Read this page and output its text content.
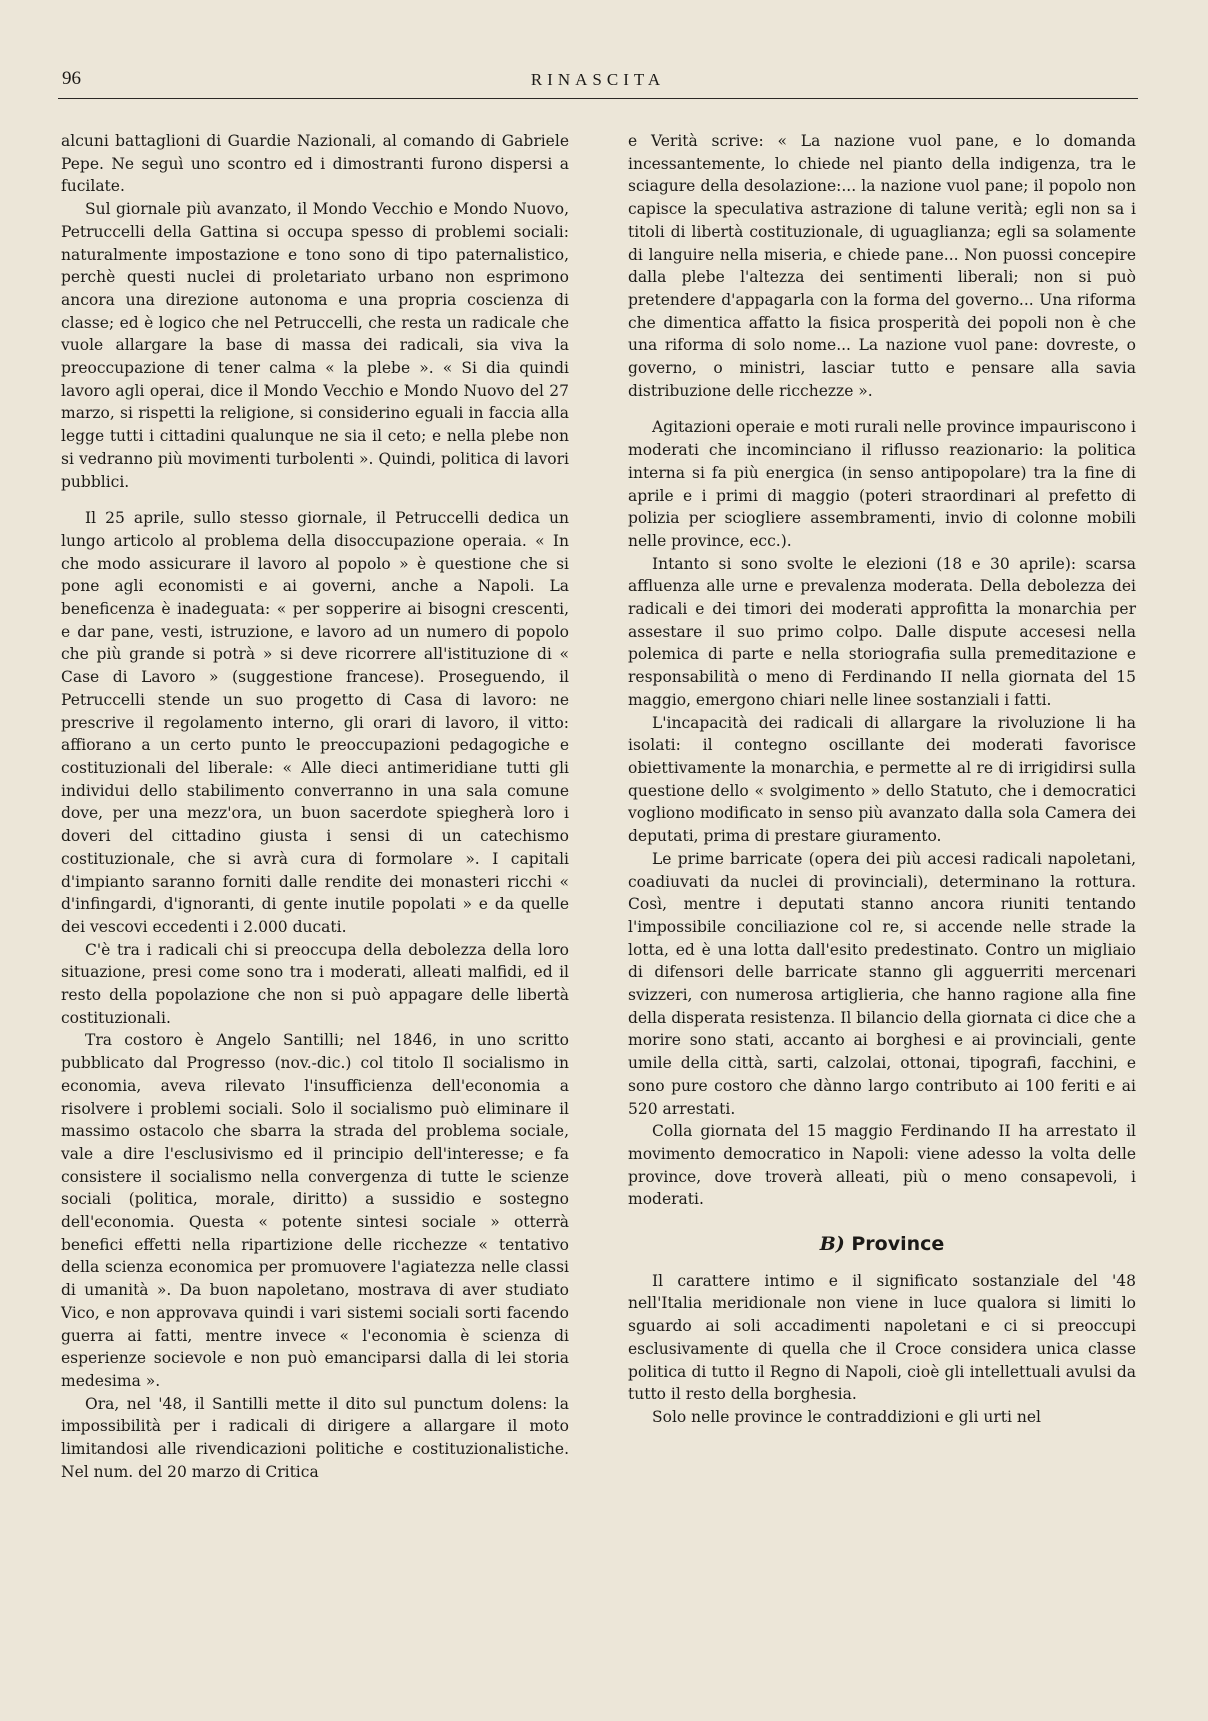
96	RINASCITA

alcuni battaglioni di Guardie Nazionali, al comando di Gabriele Pepe. Ne seguì uno scontro ed i dimostranti furono dispersi a fucilate.

Sul giornale più avanzato, il Mondo Vecchio e Mondo Nuovo, Petruccelli della Gattina si occupa spesso di problemi sociali: naturalmente impostazione e tono sono di tipo paternalistico, perchè questi nuclei di proletariato urbano non esprimono ancora una direzione autonoma e una propria coscienza di classe; ed è logico che nel Petruccelli, che resta un radicale che vuole allargare la base di massa dei radicali, sia viva la preoccupazione di tener calma « la plebe ». « Si dia quindi lavoro agli operai, dice il Mondo Vecchio e Mondo Nuovo del 27 marzo, si rispetti la religione, si considerino eguali in faccia alla legge tutti i cittadini qualunque ne sia il ceto; e nella plebe non si vedranno più movimenti turbolenti ». Quindi, politica di lavori pubblici.

Il 25 aprile, sullo stesso giornale, il Petruccelli dedica un lungo articolo al problema della disoccupazione operaia. « In che modo assicurare il lavoro al popolo » è questione che si pone agli economisti e ai governi, anche a Napoli. La beneficenza è inadeguata: « per sopperire ai bisogni crescenti, e dar pane, vesti, istruzione, e lavoro ad un numero di popolo che più grande si potrà » si deve ricorrere all'istituzione di « Case di Lavoro » (suggestione francese). Proseguendo, il Petruccelli stende un suo progetto di Casa di lavoro: ne prescrive il regolamento interno, gli orari di lavoro, il vitto: affiorano a un certo punto le preoccupazioni pedagogiche e costituzionali del liberale: « Alle dieci antimeridiane tutti gli individui dello stabilimento converranno in una sala comune dove, per una mezz'ora, un buon sacerdote spiegherà loro i doveri del cittadino giusta i sensi di un catechismo costituzionale, che si avrà cura di formolare ». I capitali d'impianto saranno forniti dalle rendite dei monasteri ricchi « d'infingardi, d'ignoranti, di gente inutile popolati » e da quelle dei vescovi eccedenti i 2.000 ducati.

C'è tra i radicali chi si preoccupa della debolezza della loro situazione, presi come sono tra i moderati, alleati malfidi, ed il resto della popolazione che non si può appagare delle libertà costituzionali.

Tra costoro è Angelo Santilli; nel 1846, in uno scritto pubblicato dal Progresso (nov.-dic.) col titolo Il socialismo in economia, aveva rilevato l'insufficienza dell'economia a risolvere i problemi sociali. Solo il socialismo può eliminare il massimo ostacolo che sbarra la strada del problema sociale, vale a dire l'esclusivismo ed il principio dell'interesse; e fa consistere il socialismo nella convergenza di tutte le scienze sociali (politica, morale, diritto) a sussidio e sostegno dell'economia. Questa « potente sintesi sociale » otterrà benefici effetti nella ripartizione delle ricchezze « tentativo della scienza economica per promuovere l'agiatezza nelle classi di umanità ». Da buon napoletano, mostrava di aver studiato Vico, e non approvava quindi i vari sistemi sociali sorti facendo guerra ai fatti, mentre invece « l'economia è scienza di esperienze socievole e non può emanciparsi dalla di lei storia medesima ».

Ora, nel '48, il Santilli mette il dito sul punctum dolens: la impossibilità per i radicali di dirigere a allargare il moto limitandosi alle rivendicazioni politiche e costituzionalistiche. Nel num. del 20 marzo di Critica

e Verità scrive: « La nazione vuol pane, e lo domanda incessantemente, lo chiede nel pianto della indigenza, tra le sciagure della desolazione:... la nazione vuol pane; il popolo non capisce la speculativa astrazione di talune verità; egli non sa i titoli di libertà costituzionale, di uguaglianza; egli sa solamente di languire nella miseria, e chiede pane... Non puossi concepire dalla plebe l'altezza dei sentimenti liberali; non si può pretendere d'appagarla con la forma del governo... Una riforma che dimentica affatto la fisica prosperità dei popoli non è che una riforma di solo nome... La nazione vuol pane: dovreste, o governo, o ministri, lasciar tutto e pensare alla savia distribuzione delle ricchezze ».

Agitazioni operaie e moti rurali nelle province impauriscono i moderati che incominciano il riflusso reazionario: la politica interna si fa più energica (in senso antipopolare) tra la fine di aprile e i primi di maggio (poteri straordinari al prefetto di polizia per sciogliere assembramenti, invio di colonne mobili nelle province, ecc.).

Intanto si sono svolte le elezioni (18 e 30 aprile): scarsa affluenza alle urne e prevalenza moderata. Della debolezza dei radicali e dei timori dei moderati approfitta la monarchia per assestare il suo primo colpo. Dalle dispute accesesi nella polemica di parte e nella storiografia sulla premeditazione e responsabilità o meno di Ferdinando II nella giornata del 15 maggio, emergono chiari nelle linee sostanziali i fatti.

L'incapacità dei radicali di allargare la rivoluzione li ha isolati: il contegno oscillante dei moderati favorisce obiettivamente la monarchia, e permette al re di irrigidirsi sulla questione dello « svolgimento » dello Statuto, che i democratici vogliono modificato in senso più avanzato dalla sola Camera dei deputati, prima di prestare giuramento.

Le prime barricate (opera dei più accesi radicali napoletani, coadiuvati da nuclei di provinciali), determinano la rottura. Così, mentre i deputati stanno ancora riuniti tentando l'impossibile conciliazione col re, si accende nelle strade la lotta, ed è una lotta dall'esito predestinato. Contro un migliaio di difensori delle barricate stanno gli agguerriti mercenari svizzeri, con numerosa artiglieria, che hanno ragione alla fine della disperata resistenza. Il bilancio della giornata ci dice che a morire sono stati, accanto ai borghesi e ai provinciali, gente umile della città, sarti, calzolai, ottonai, tipografi, facchini, e sono pure costoro che dànno largo contributo ai 100 feriti e ai 520 arrestati.

Colla giornata del 15 maggio Ferdinando II ha arrestato il movimento democratico in Napoli: viene adesso la volta delle province, dove troverà alleati, più o meno consapevoli, i moderati.

B) Province

Il carattere intimo e il significato sostanziale del '48 nell'Italia meridionale non viene in luce qualora si limiti lo sguardo ai soli accadimenti napoletani e ci si preoccupi esclusivamente di quella che il Croce considera unica classe politica di tutto il Regno di Napoli, cioè gli intellettuali avulsi da tutto il resto della borghesia.

Solo nelle province le contraddizioni e gli urti nel
